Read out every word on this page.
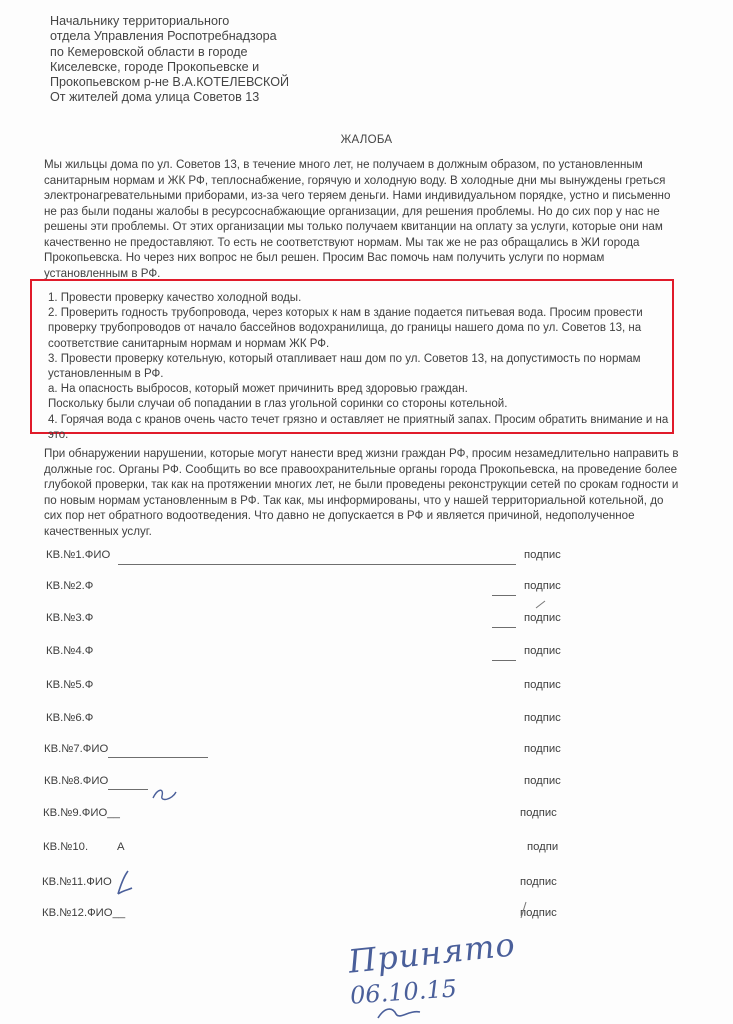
Начальнику территориального
отдела Управления Роспотребнадзора
по Кемеровской области в городе
Киселевске, городе Прокопьевске и
Прокопьевском р-не В.А.КОТЕЛЕВСКОЙ
От жителей дома улица Советов 13
ЖАЛОБА

Мы жильцы дома по ул. Советов 13, в течение много лет, не получаем в должным образом, по установленным санитарным нормам и ЖК РФ, теплоснабжение, горячую и холодную воду. В холодные дни мы вынуждены греться электронагревательными приборами, из-за чего теряем деньги. Нами индивидуальном порядке, устно и письменно не раз были поданы жалобы в ресурсоснабжающие организации, для решения проблемы. Но до сих пор у нас не решены эти проблемы. От этих организации мы только получаем квитанции на оплату за услуги, которые они нам качественно не предоставляют. То есть не соответствуют нормам. Мы так же не раз обращались в ЖИ города Прокопьевска. Но через них вопрос не был решен. Просим Вас помочь нам получить услуги по нормам установленным в РФ.

1. Провести проверку качество холодной воды.
2. Проверить годность трубопровода, через которых к нам в здание подается питьевая вода. Просим провести проверку трубопроводов от начало бассейнов водохранилища, до границы нашего дома по ул. Советов 13, на соответствие санитарным нормам и нормам ЖК РФ.
3. Провести проверку котельную, который отапливает наш дом по ул. Советов 13, на допустимость по нормам установленным в РФ.
а. На опасность выбросов, который может причинить вред здоровью граждан.
Поскольку были случаи об попадании в глаз угольной соринки со стороны котельной.
4. Горячая вода с кранов очень часто течет грязно и оставляет не приятный запах. Просим обратить внимание и на это.

При обнаружении нарушении, которые могут нанести вред жизни граждан РФ, просим незамедлительно направить в должные гос. Органы РФ. Сообщить во все правоохранительные органы города Прокопьевска, на проведение более глубокой проверки, так как на протяжении многих лет, не были проведены реконструкции сетей по срокам годности и по новым нормам установленным в РФ. Так как, мы информированы, что у нашей территориальной котельной, до сих пор нет обратного водоотведения. Что давно не допускается в РФ и является причиной, недополученное качественных услуг.

КВ.№1.ФИО	подпис
КВ.№2.Ф	подпис
КВ.№3.Ф	подпис
КВ.№4.Ф	подпис
КВ.№5.Ф	подпис
КВ.№6.Ф	подпис
КВ.№7.ФИО	подпис
КВ.№8.ФИО	подпис
КВ.№9.ФИО__	подпис
КВ.№10.	А	подпи
КВ.№11.ФИО	подпис
КВ.№12.ФИО__	подпис
Принято
06.10.15
